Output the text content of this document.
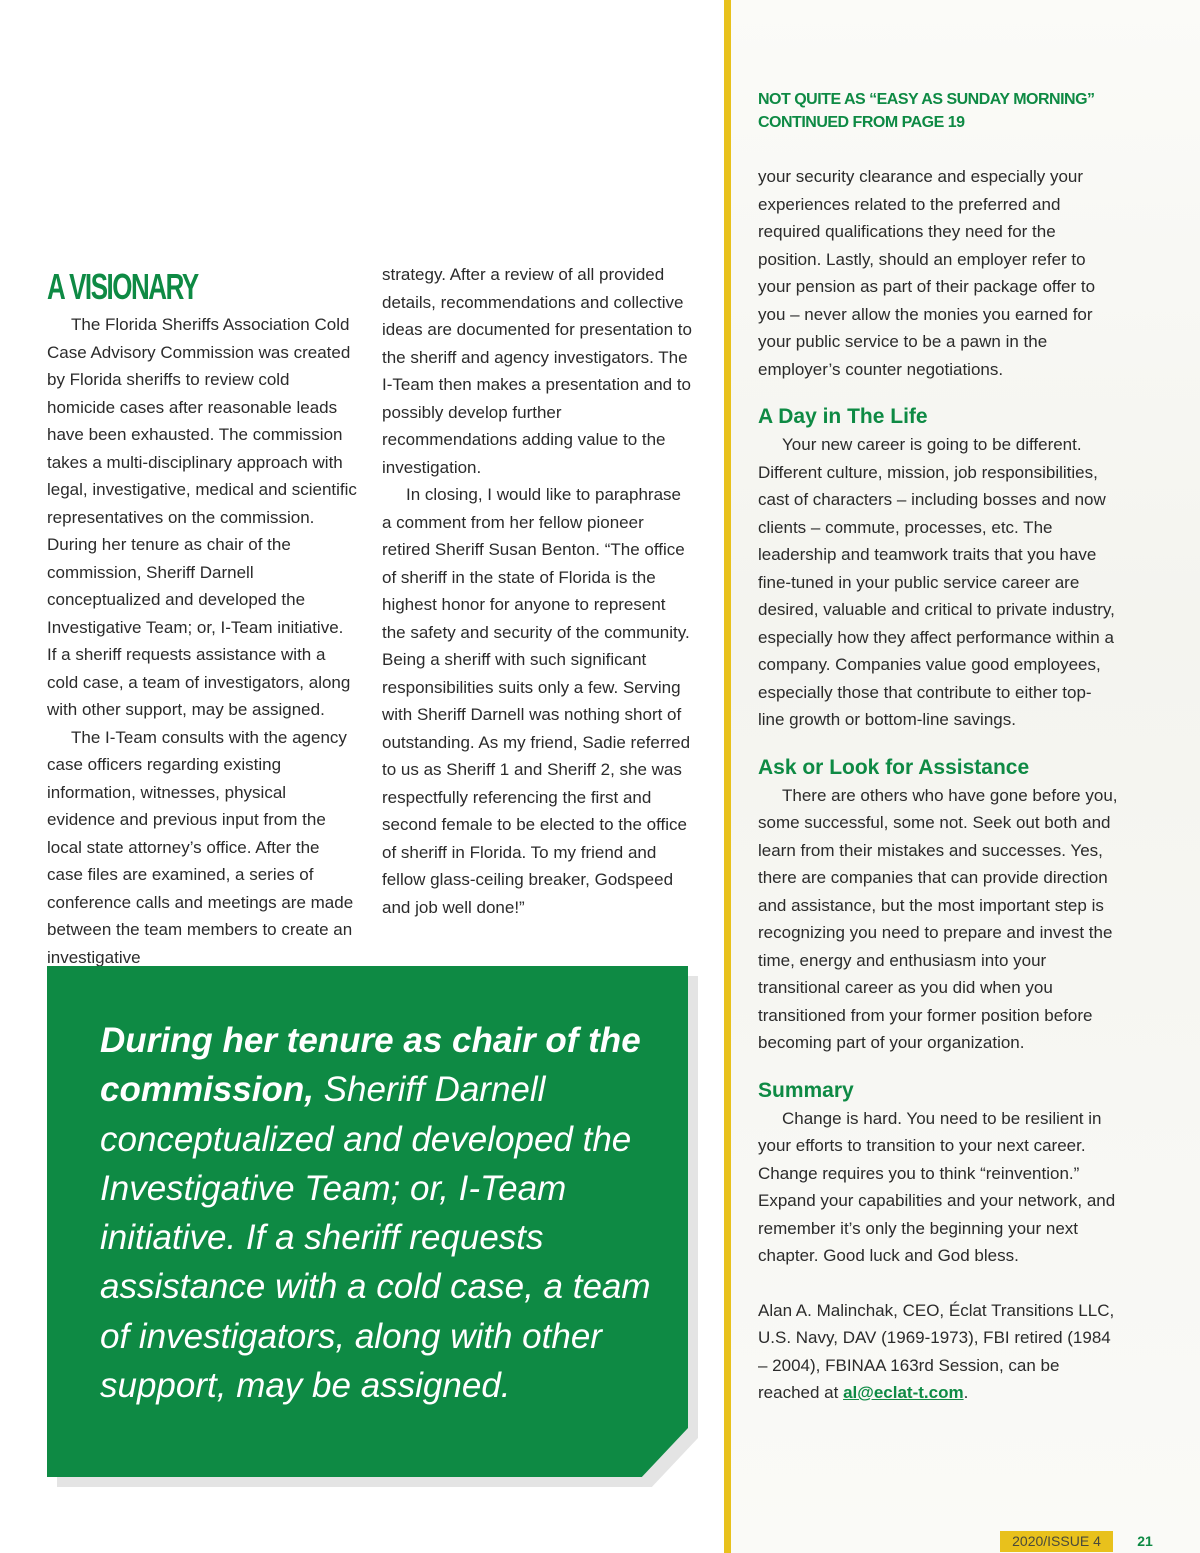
A VISIONARY

The Florida Sheriffs Association Cold Case Advisory Commission was created by Florida sheriffs to review cold homicide cases after reasonable leads have been exhausted. The commission takes a multi-disciplinary approach with legal, investigative, medical and scientific representatives on the commission. During her tenure as chair of the commission, Sheriff Darnell conceptualized and developed the Investigative Team; or, I-Team initiative. If a sheriff requests assistance with a cold case, a team of investigators, along with other support, may be assigned.

The I-Team consults with the agency case officers regarding existing information, witnesses, physical evidence and previous input from the local state attorney’s office. After the case files are examined, a series of conference calls and meetings are made between the team members to create an investigative

strategy. After a review of all provided details, recommendations and collective ideas are documented for presentation to the sheriff and agency investigators. The I-Team then makes a presentation and to possibly develop further recommendations adding value to the investigation.

In closing, I would like to paraphrase a comment from her fellow pioneer retired Sheriff Susan Benton. “The office of sheriff in the state of Florida is the highest honor for anyone to represent the safety and security of the community. Being a sheriff with such significant responsibilities suits only a few. Serving with Sheriff Darnell was nothing short of outstanding. As my friend, Sadie referred to us as Sheriff 1 and Sheriff 2, she was respectfully referencing the first and second female to be elected to the office of sheriff in Florida. To my friend and fellow glass-ceiling breaker, Godspeed and job well done!”

During her tenure as chair of the commission, Sheriff Darnell conceptualized and developed the Investigative Team; or, I-Team initiative. If a sheriff requests assistance with a cold case, a team of investigators, along with other support, may be assigned.

NOT QUITE AS “EASY AS SUNDAY MORNING”
CONTINUED FROM PAGE 19

your security clearance and especially your experiences related to the preferred and required qualifications they need for the position. Lastly, should an employer refer to your pension as part of their package offer to you – never allow the monies you earned for your public service to be a pawn in the employer’s counter negotiations.

A Day in The Life

Your new career is going to be different. Different culture, mission, job responsibilities, cast of characters – including bosses and now clients – commute, processes, etc. The leadership and teamwork traits that you have fine-tuned in your public service career are desired, valuable and critical to private industry, especially how they affect performance within a company. Companies value good employees, especially those that contribute to either top-line growth or bottom-line savings.

Ask or Look for Assistance

There are others who have gone before you, some successful, some not. Seek out both and learn from their mistakes and successes. Yes, there are companies that can provide direction and assistance, but the most important step is recognizing you need to prepare and invest the time, energy and enthusiasm into your transitional career as you did when you transitioned from your former position before becoming part of your organization.

Summary

Change is hard. You need to be resilient in your efforts to transition to your next career. Change requires you to think “reinvention.” Expand your capabilities and your network, and remember it’s only the beginning your next chapter. Good luck and God bless.

Alan A. Malinchak, CEO, Éclat Transitions LLC, U.S. Navy, DAV (1969-1973), FBI retired (1984 – 2004), FBINAA 163rd Session, can be reached at al@eclat-t.com.

2020/ISSUE 4	21
